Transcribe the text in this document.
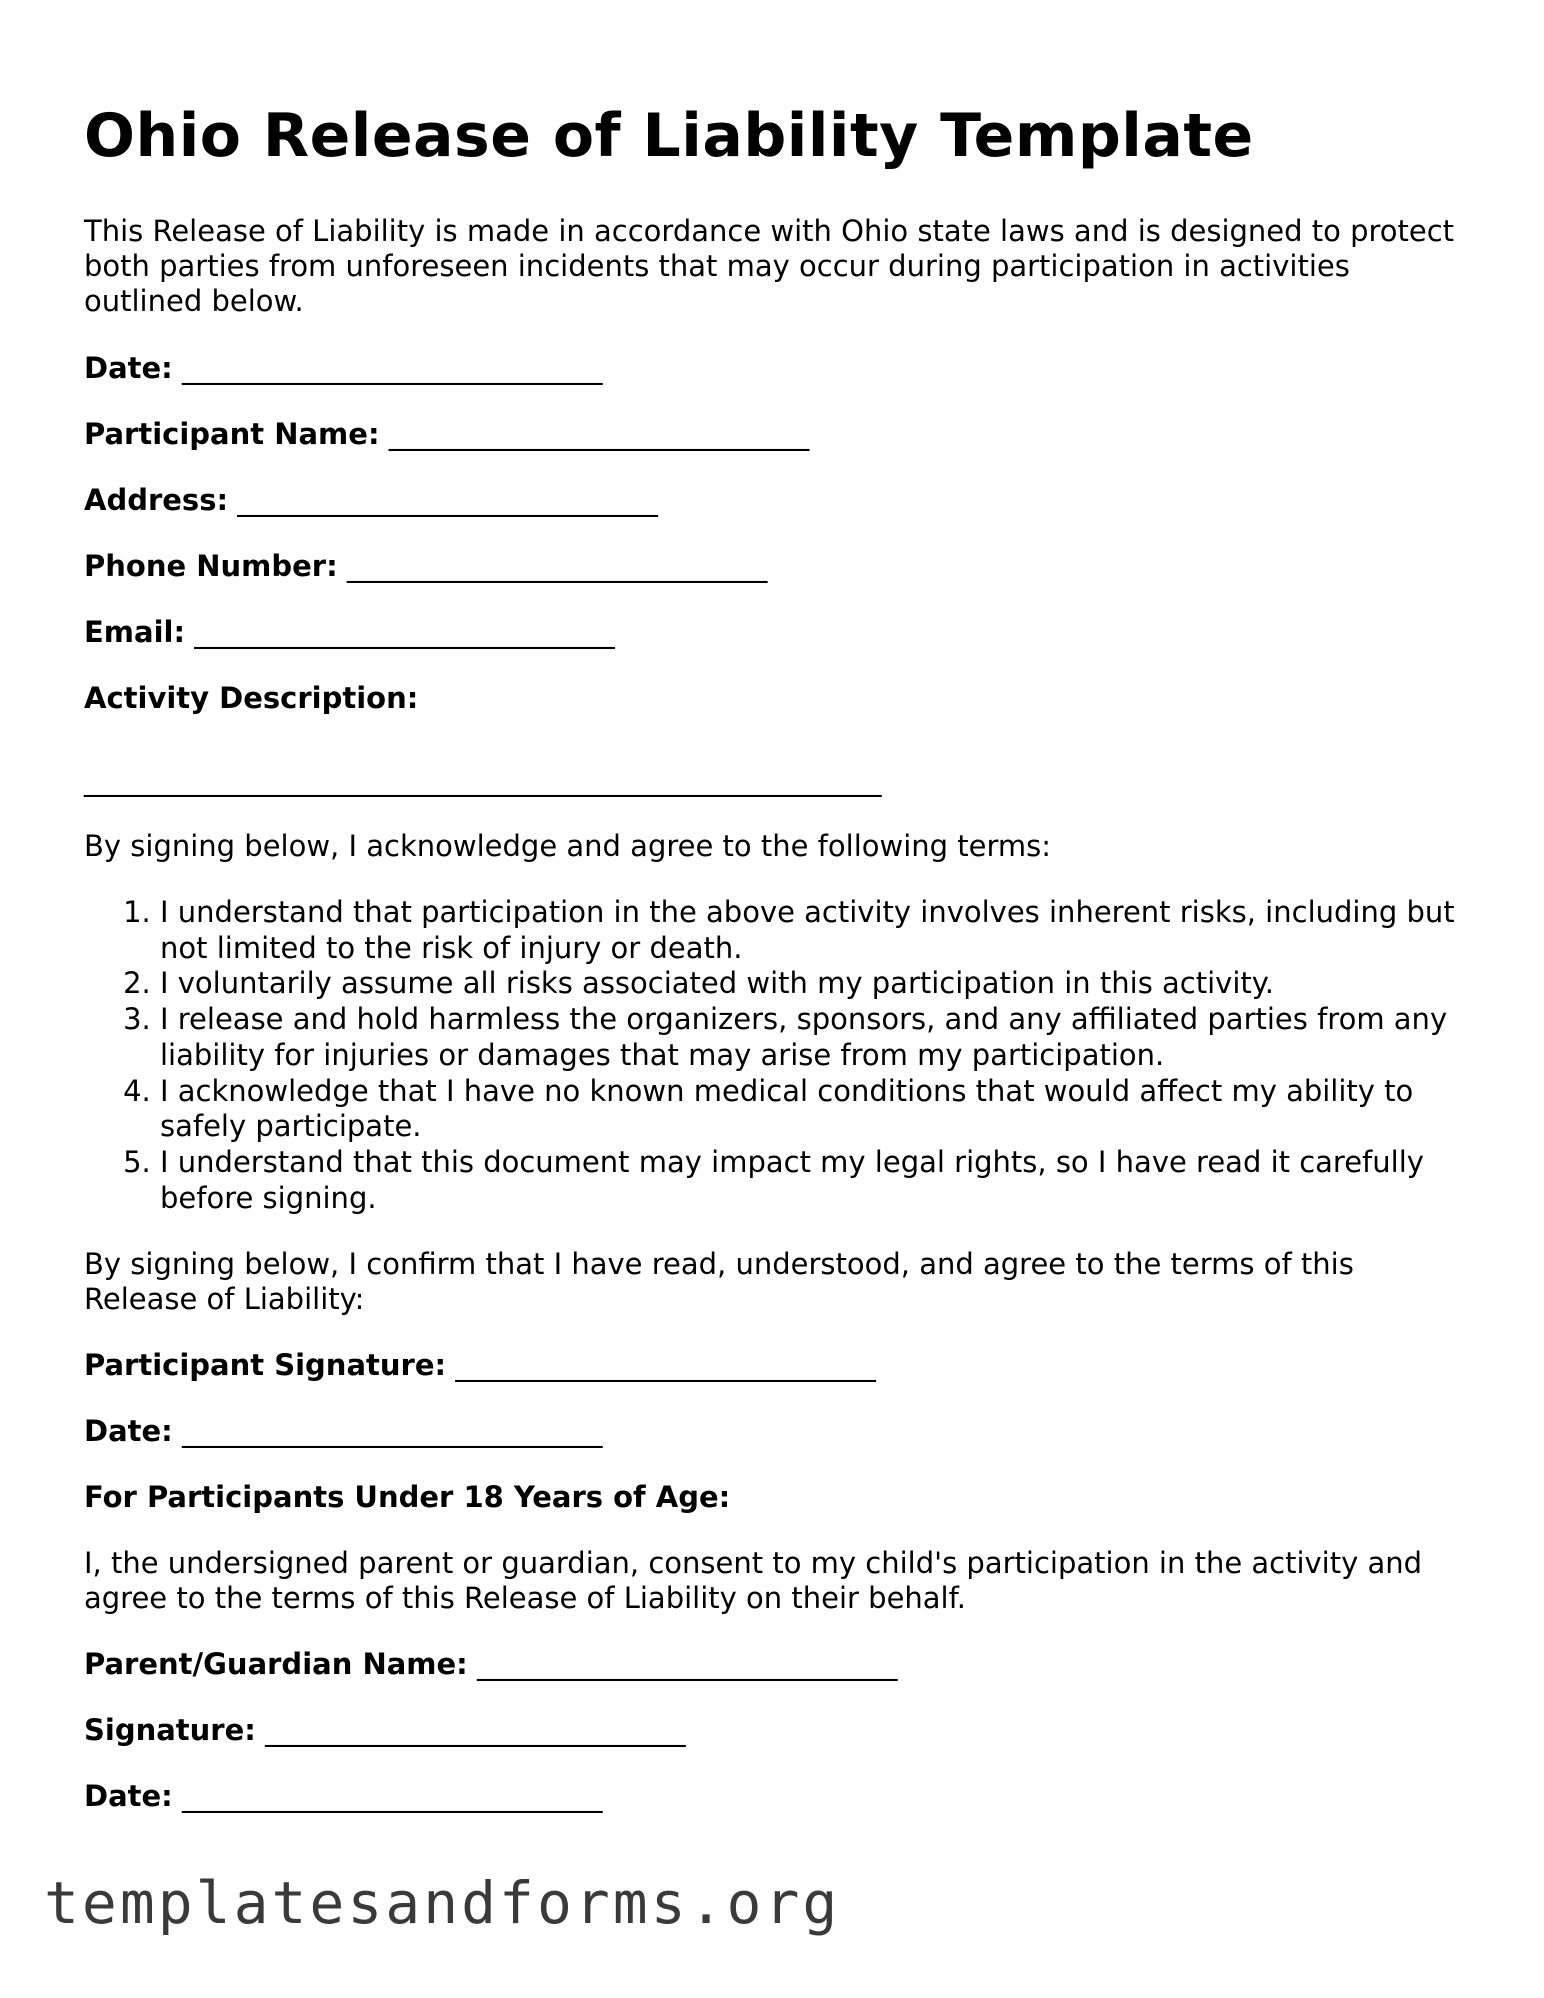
Ohio Release of Liability Template

This Release of Liability is made in accordance with Ohio state laws and is designed to protect both parties from unforeseen incidents that may occur during participation in activities outlined below.

Date: _____________________________

Participant Name: _____________________________

Address: _____________________________

Phone Number: _____________________________

Email: _____________________________

Activity Description:

_______________________________________________________

By signing below, I acknowledge and agree to the following terms:

1. I understand that participation in the above activity involves inherent risks, including but not limited to the risk of injury or death.
2. I voluntarily assume all risks associated with my participation in this activity.
3. I release and hold harmless the organizers, sponsors, and any affiliated parties from any liability for injuries or damages that may arise from my participation.
4. I acknowledge that I have no known medical conditions that would affect my ability to safely participate.
5. I understand that this document may impact my legal rights, so I have read it carefully before signing.

By signing below, I confirm that I have read, understood, and agree to the terms of this Release of Liability:

Participant Signature: _____________________________

Date: _____________________________

For Participants Under 18 Years of Age:

I, the undersigned parent or guardian, consent to my child's participation in the activity and agree to the terms of this Release of Liability on their behalf.

Parent/Guardian Name: _____________________________

Signature: _____________________________

Date: _____________________________

templatesandforms.org
